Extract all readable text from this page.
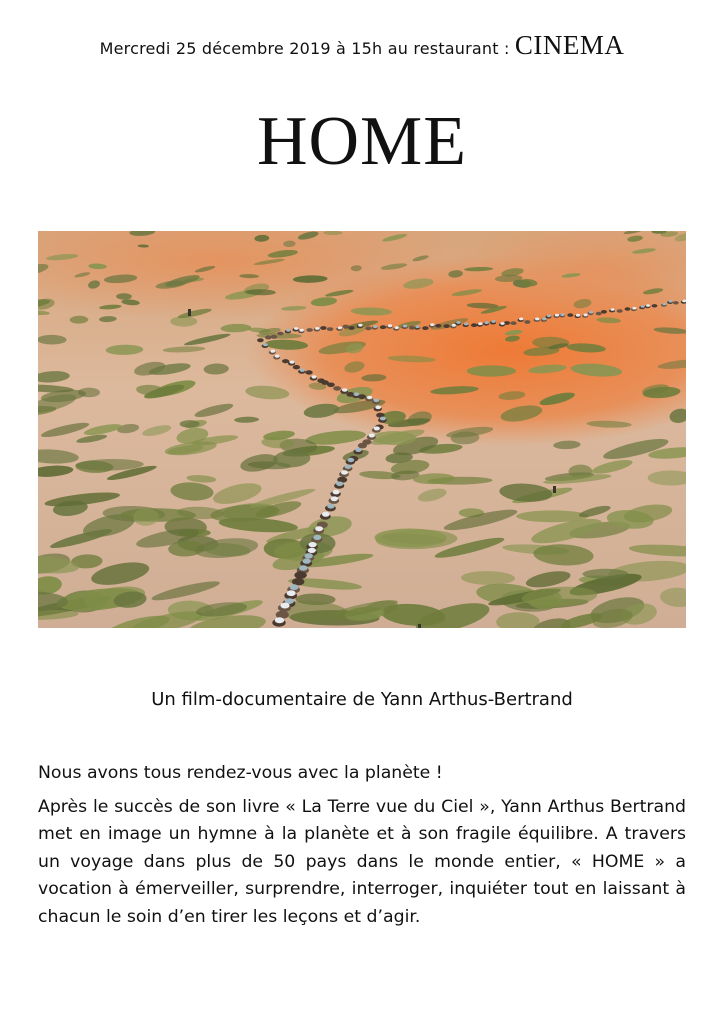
Mercredi 25 décembre 2019 à 15h au restaurant : CINEMA
HOME
Un film-documentaire de Yann Arthus-Bertrand

Nous avons tous rendez-vous avec la planète !

Après le succès de son livre « La Terre vue du Ciel », Yann Arthus Bertrand met en image un hymne à la planète et à son fragile équilibre. A travers un voyage dans plus de 50 pays dans le monde entier, « HOME » a vocation à émerveiller, surprendre, interroger, inquiéter tout en laissant à chacun le soin d’en tirer les leçons et d’agir.
